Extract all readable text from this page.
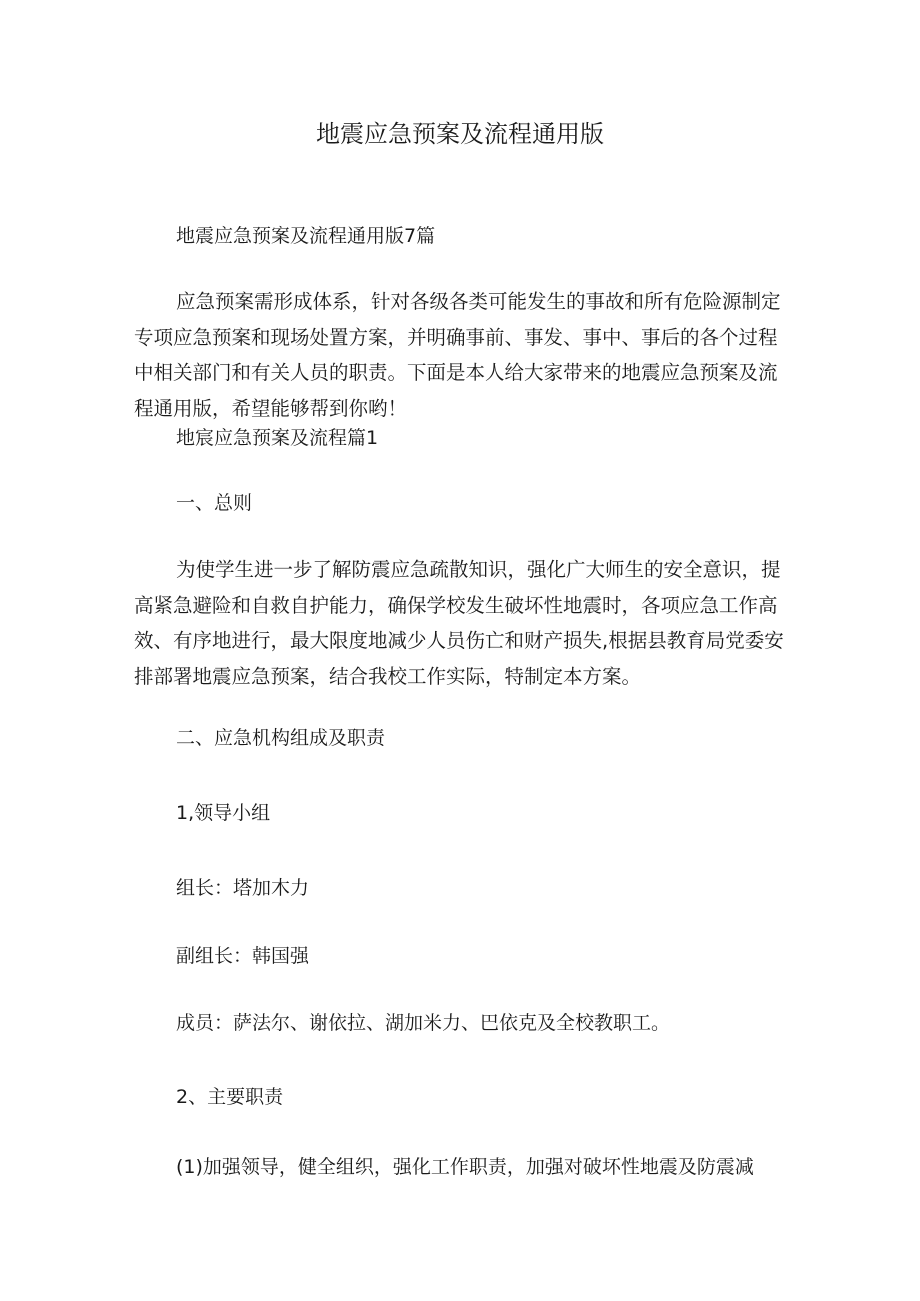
地震应急预案及流程通用版
地震应急预案及流程通用版7篇
应急预案需形成体系，针对各级各类可能发生的事故和所有危险源制定专项应急预案和现场处置方案，并明确事前、事发、事中、事后的各个过程中相关部门和有关人员的职责。下面是本人给大家带来的地震应急预案及流程通用版，希望能够帮到你哟！
地宸应急预案及流程篇1
一、总则
为使学生进一步了解防震应急疏散知识，强化广大师生的安全意识，提高紧急避险和自救自护能力，确保学校发生破坏性地震时，各项应急工作高效、有序地进行，最大限度地减少人员伤亡和财产损失,根据县教育局党委安排部署地震应急预案，结合我校工作实际，特制定本方案。
二、应急机构组成及职责
1,领导小组
组长：塔加木力
副组长：韩国强
成员：萨法尔、谢依拉、湖加米力、巴依克及全校教职工。
2、主要职责
(1)加强领导，健全组织，强化工作职责，加强对破坏性地震及防震减
